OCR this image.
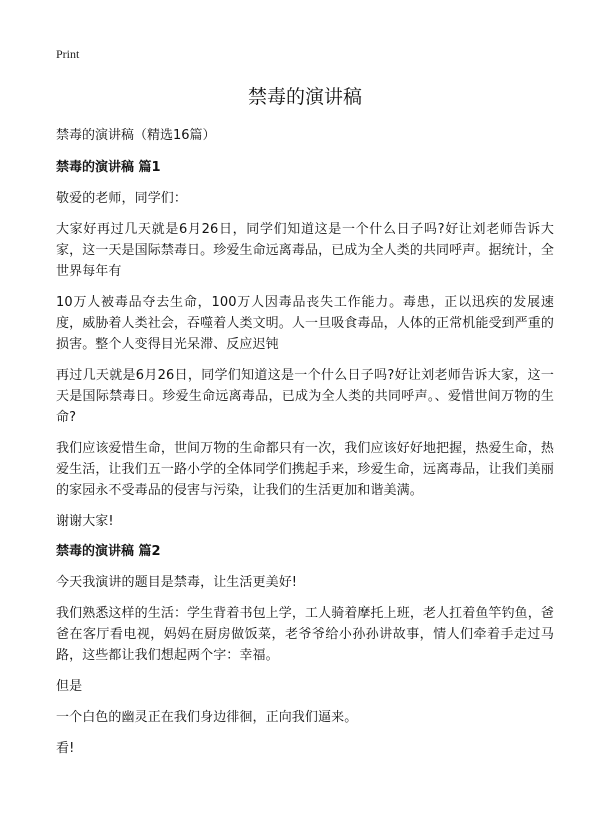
Print
禁毒的演讲稿
禁毒的演讲稿（精选16篇）
禁毒的演讲稿 篇1

敬爱的老师，同学们：

大家好再过几天就是6月26日，同学们知道这是一个什么日子吗?好让刘老师告诉大家，这一天是国际禁毒日。珍爱生命远离毒品，已成为全人类的共同呼声。据统计，全世界每年有

10万人被毒品夺去生命，100万人因毒品丧失工作能力。毒患，正以迅疾的发展速度，威胁着人类社会，吞噬着人类文明。人一旦吸食毒品，人体的正常机能受到严重的损害。整个人变得目光呆滞、反应迟钝

再过几天就是6月26日，同学们知道这是一个什么日子吗?好让刘老师告诉大家，这一天是国际禁毒日。珍爱生命远离毒品，已成为全人类的共同呼声。、爱惜世间万物的生命?

我们应该爱惜生命，世间万物的生命都只有一次，我们应该好好地把握，热爱生命，热爱生活，让我们五一路小学的全体同学们携起手来，珍爱生命，远离毒品，让我们美丽的家园永不受毒品的侵害与污染，让我们的生活更加和谐美满。

谢谢大家!

禁毒的演讲稿 篇2

今天我演讲的题目是禁毒，让生活更美好!

我们熟悉这样的生活：学生背着书包上学，工人骑着摩托上班，老人扛着鱼竿钓鱼，爸爸在客厅看电视，妈妈在厨房做饭菜，老爷爷给小孙孙讲故事，情人们牵着手走过马路，这些都让我们想起两个字：幸福。

但是

一个白色的幽灵正在我们身边徘徊，正向我们逼来。

看!
